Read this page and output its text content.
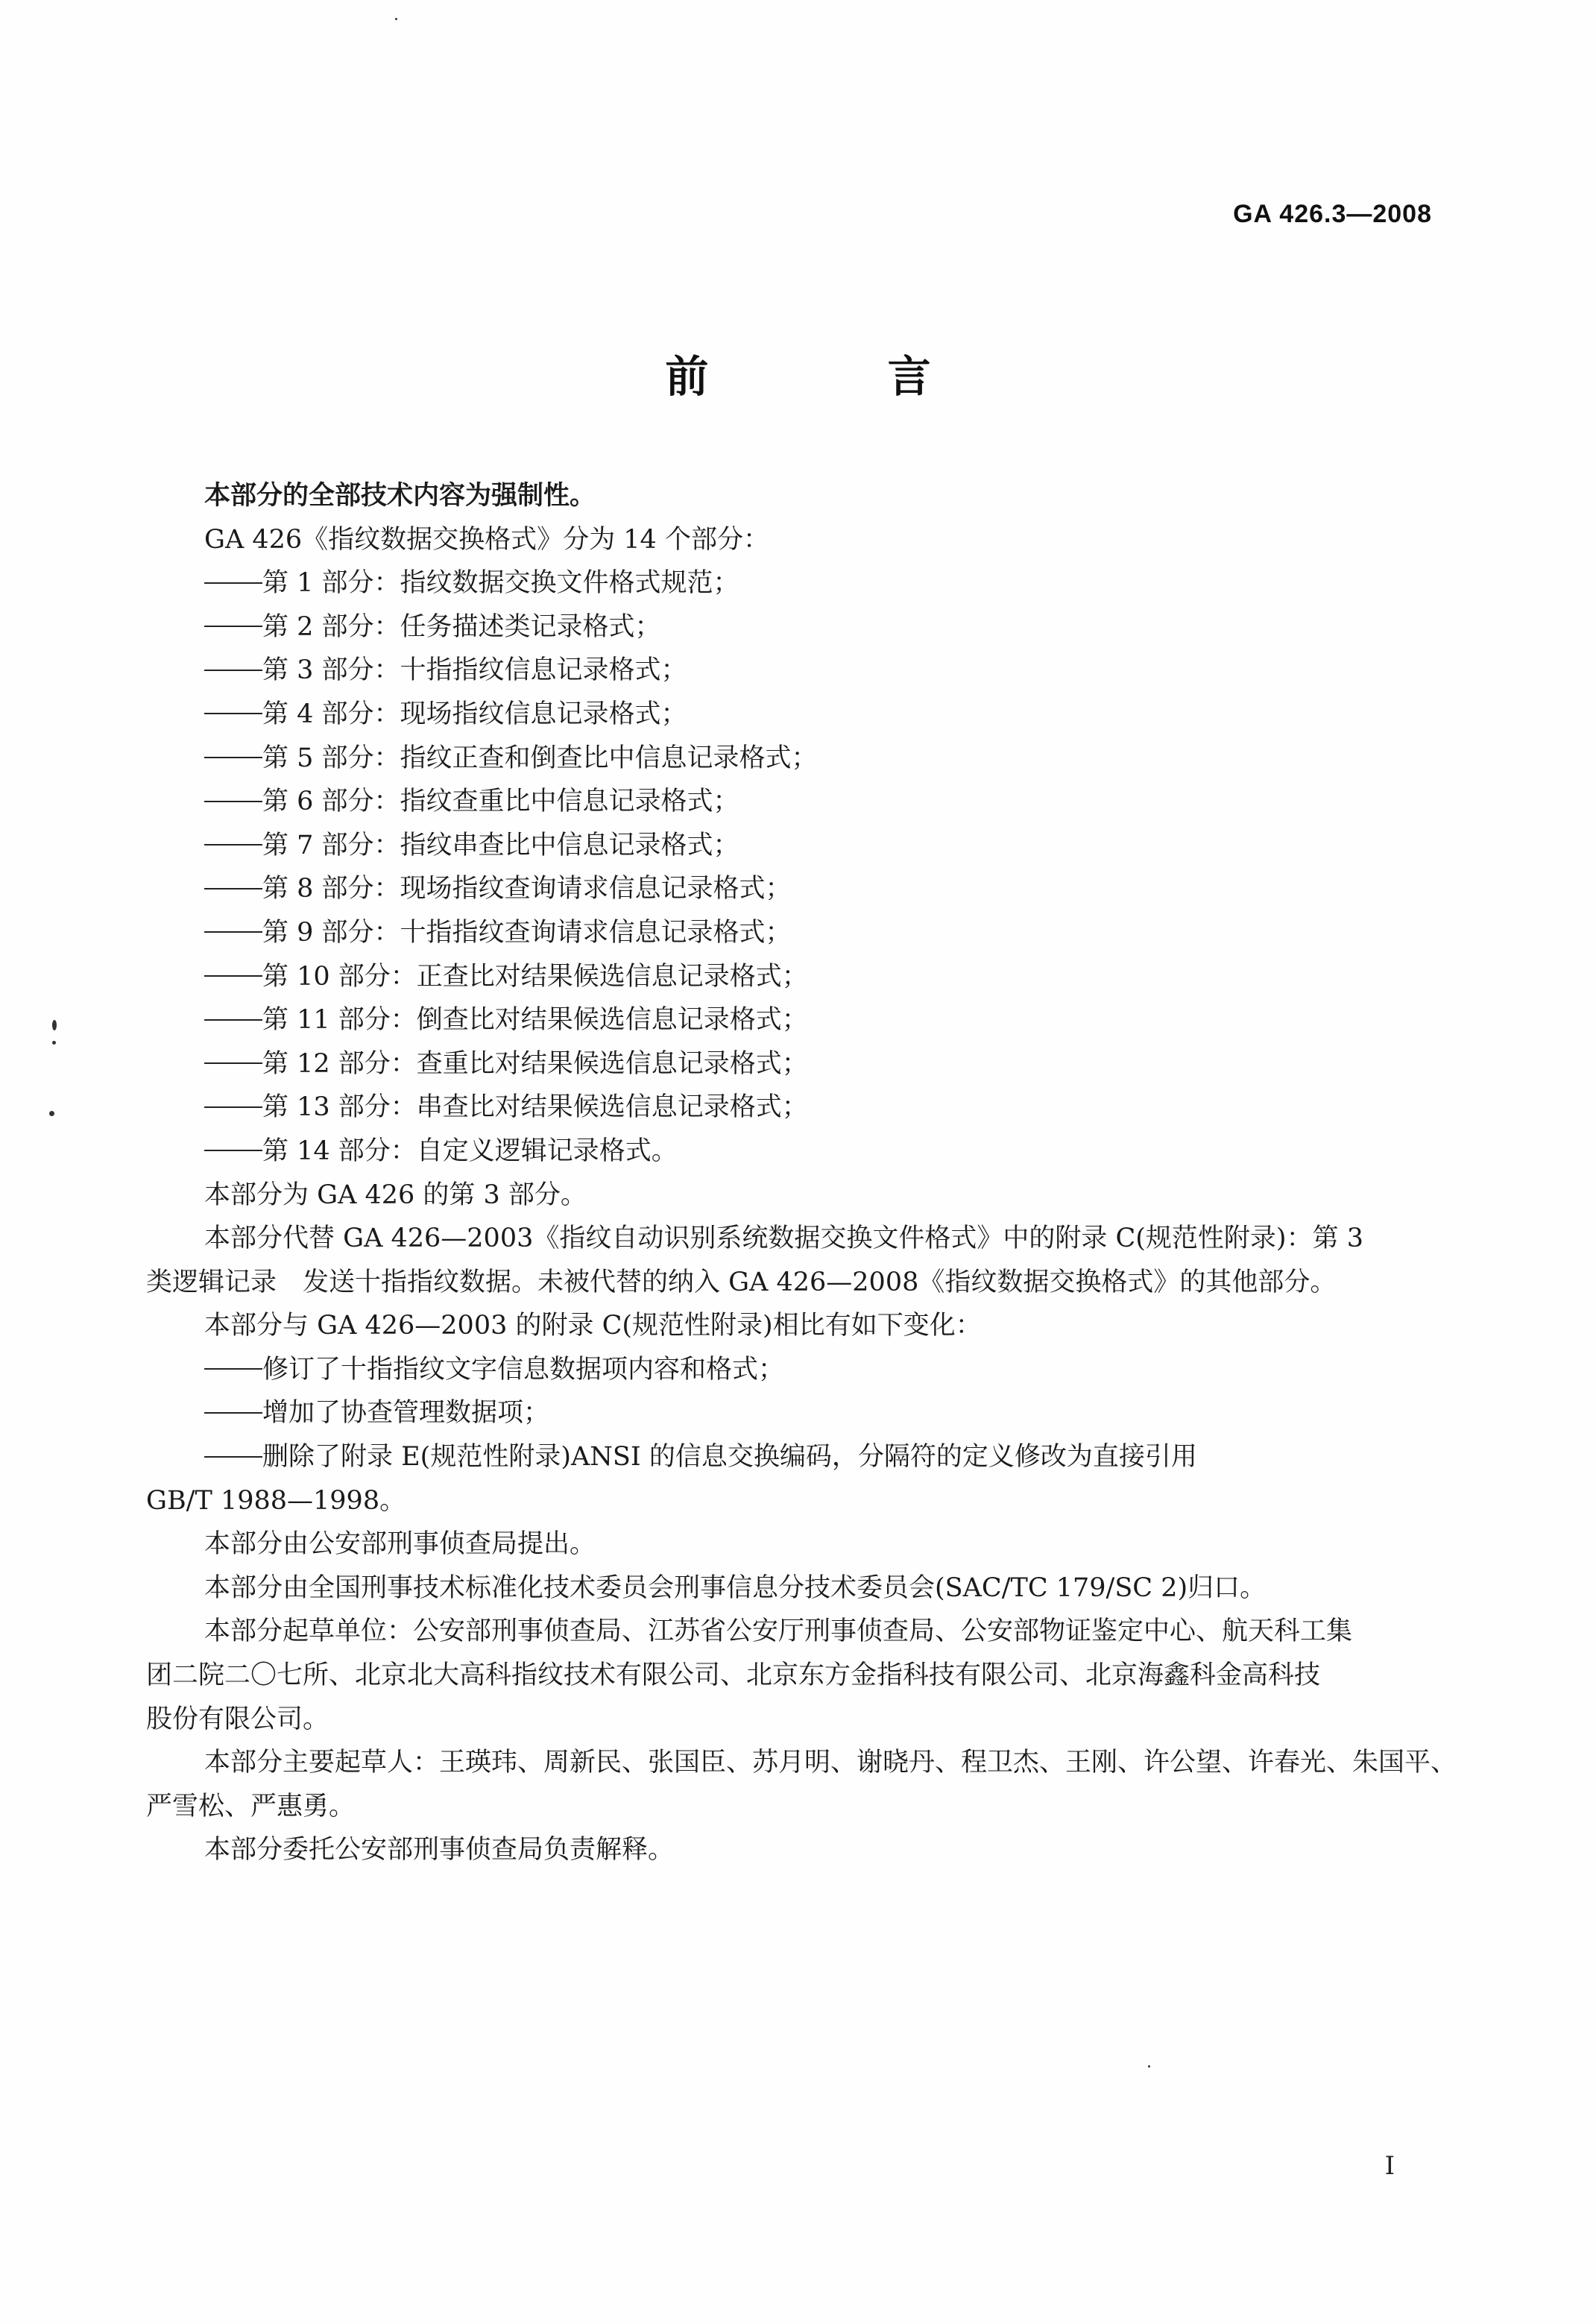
GA 426.3—2008
前 言

本部分的全部技术内容为强制性。

GA 426《指纹数据交换格式》分为 14 个部分：

第 1 部分：指纹数据交换文件格式规范；

第 2 部分：任务描述类记录格式；

第 3 部分：十指指纹信息记录格式；

第 4 部分：现场指纹信息记录格式；

第 5 部分：指纹正查和倒查比中信息记录格式；

第 6 部分：指纹查重比中信息记录格式；

第 7 部分：指纹串查比中信息记录格式；

第 8 部分：现场指纹查询请求信息记录格式；

第 9 部分：十指指纹查询请求信息记录格式；

第 10 部分：正查比对结果候选信息记录格式；

第 11 部分：倒查比对结果候选信息记录格式；

第 12 部分：查重比对结果候选信息记录格式；

第 13 部分：串查比对结果候选信息记录格式；

第 14 部分：自定义逻辑记录格式。

本部分为 GA 426 的第 3 部分。

本部分代替 GA 426—2003《指纹自动识别系统数据交换文件格式》中的附录 C(规范性附录)：第 3

类逻辑记录　发送十指指纹数据。未被代替的纳入 GA 426—2008《指纹数据交换格式》的其他部分。

本部分与 GA 426—2003 的附录 C(规范性附录)相比有如下变化：

修订了十指指纹文字信息数据项内容和格式；

增加了协查管理数据项；

删除了附录 E(规范性附录)ANSI 的信息交换编码，分隔符的定义修改为直接引用

GB/T 1988—1998。

本部分由公安部刑事侦查局提出。

本部分由全国刑事技术标准化技术委员会刑事信息分技术委员会(SAC/TC 179/SC 2)归口。

本部分起草单位：公安部刑事侦查局、江苏省公安厅刑事侦查局、公安部物证鉴定中心、航天科工集

团二院二〇七所、北京北大高科指纹技术有限公司、北京东方金指科技有限公司、北京海鑫科金高科技

股份有限公司。

本部分主要起草人：王瑛玮、周新民、张国臣、苏月明、谢晓丹、程卫杰、王刚、许公望、许春光、朱国平、

严雪松、严惠勇。

本部分委托公安部刑事侦查局负责解释。

I
